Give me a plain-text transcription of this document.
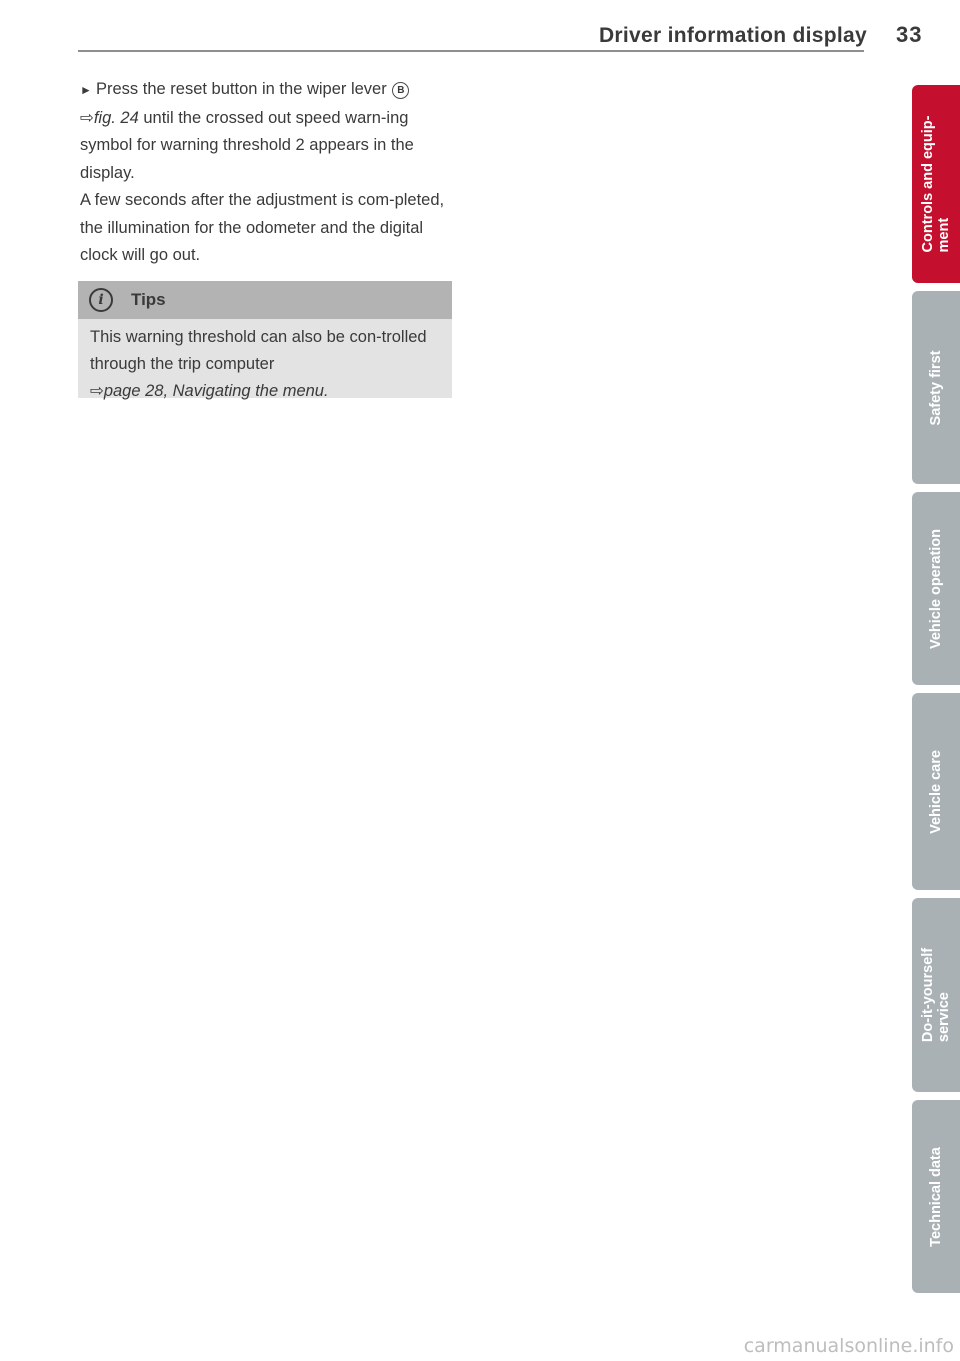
Driver information display 33
► Press the reset button in the wiper lever B
⇨fig. 24 until the crossed out speed warn-ing symbol for warning threshold 2 appears in the display.
A few seconds after the adjustment is com-pleted, the illumination for the odometer and the digital clock will go out.
i	Tips
This warning threshold can also be con-trolled through the trip computer
⇨page 28, Navigating the menu.
Controls and equip-
ment
Safety first
Vehicle operation
Vehicle care
Do-it-yourself
service
Technical data
carmanualsonline.info
